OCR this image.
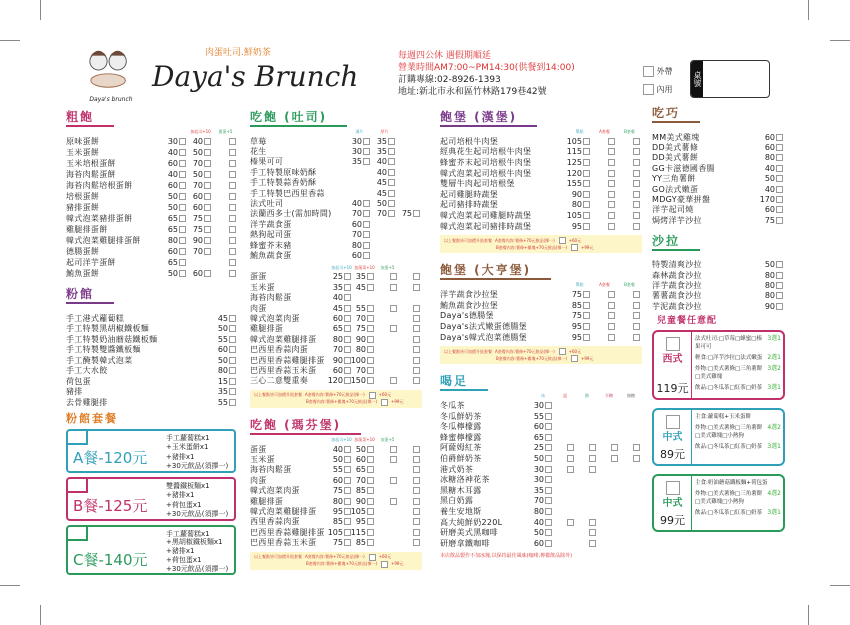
Daya's brunch
肉蛋吐司.鮮奶茶
Daya's Brunch
每週四公休 遇假期順延
營業時間AM7:00~PM14:30(供餐到14:00)
訂購專線:02-8926-1393
地址:新北市永和區竹林路179巷42號
外帶
內用
桌號
粗飽
加起司+10	蔥蛋+5
原味蛋餅	30 40
玉米蛋餅	40 50
玉米培根蛋餅	60 70
海苔肉鬆蛋餅	40 50
海苔肉鬆培根蛋餅	60 70
培根蛋餅	50 60
豬排蛋餅	50 60
韓式泡菜豬排蛋餅	65 75
雞腿排蛋餅	65 75
韓式泡菜雞腿排蛋餅	80 90
德腸蛋餅	60 70
起司洋芋蛋餅	65
鮪魚蛋餅	50 60
粉館
手工港式蘿蔔糕	45
手工特製黑胡椒鐵板麵	50
手工特製奶油蘑菇鐵板麵	55
手工特製雙醬鐵板麵	60
手工醃製韓式泡菜	50
手工大水餃	80
荷包蛋	15
豬排	35
去骨雞腿排	55
粉館套餐
A餐-120元
手工蘿蔔糕x1
+玉米蛋餅x1
+豬排x1
+30元飲品(須擇一)
B餐-125元
雙醬鐵板麵x1
+豬排x1
+荷包蛋x1
+30元飲品(須擇一)
C餐-140元
手工蘿蔔糕x1
+黑胡椒鐵板麵x1
+豬排x1
+荷包蛋x1
+30元飲品(須擇一)
吃飽 (吐司)
薄片	厚片
草莓	30 35
花生	30 35
榛果可可	35 40
手工特製原味奶酥	40
手工特製蒜香奶酥	45
手工特製巴西里香蒜	45
法式吐司	40 50
法蘭西多士(需加時間)	70 70 75
洋芋蔬食蛋	60
熱狗起司蛋	70
蜂蜜芥末豬	80
鮪魚蔬食蛋	60
加起司+10 加蔬菜+10	加蛋+5
蛋蛋	25 35
玉米蛋	35 45
海苔肉鬆蛋	40
肉蛋	45 55
韓式泡菜肉蛋	60 70
雞腿排蛋	65 75
韓式泡菜雞腿排蛋	80 90
巴西里香蒜肉蛋	70 80
巴西里香蒜雞腿排蛋	90 100
巴西里香蒜玉米蛋	60 70
三心二意雙重奏	120 150
以上餐點皆可加價升級套餐 A套餐內容:薯條+70元飲品(擇一)	+60元
B套餐內容:薯條+雞塊+70元飲品(擇一)	+99元
吃飽 (瑪芬堡)
加起司+10 加蔬菜+10	加蛋+5
蛋蛋	40 50
玉米蛋	50 60
海苔肉鬆蛋	55 65
肉蛋	60 70
韓式泡菜肉蛋	75 85
雞腿排蛋	80 90
韓式泡菜雞腿排蛋	95 105
西里香蒜肉蛋	85 95
巴西里香蒜雞腿排蛋 105 115
巴西里香蒜玉米蛋	75 85
以上餐點皆可加價升級套餐 A套餐內容:薯條+70元飲品(擇一)	+60元
B套餐內容:薯條+雞塊+70元飲品(擇一)	+99元
飽堡 (漢堡)
單點	A套餐	B套餐
起司培根牛肉堡	105
經典花生起司培根牛肉堡	115
蜂蜜芥末起司培根牛肉堡	125
韓式泡菜起司培根牛肉堡	120
雙層牛肉起司培根堡	155
起司雞腿時蔬堡	90
起司豬排時蔬堡	80
韓式泡菜起司雞腿時蔬堡	105
韓式泡菜起司豬排時蔬堡	95
以上餐點皆可加價升級套餐 A套餐內容:薯條+70元飲品(擇一)	+60元
B套餐內容:薯條+雞塊+70元飲品(擇一)	+99元
飽堡 (大亨堡)
單點	A套餐	B套餐
洋芋蔬食沙拉堡	75
鮪魚蔬食沙拉堡	85
Daya's德腸堡	75
Daya's法式嫩蛋德腸堡	95
Daya's韓式泡菜德腸堡	95
以上餐點皆可加價升級套餐 A套餐內容:薯條+70元飲品(擇一)	+60元
B套餐內容:薯條+雞塊+70元飲品(擇一)	+99元
喝足
冰	溫	熱	半糖	無糖
冬瓜茶	30
冬瓜鮮奶茶	55
冬瓜檸檬露	60
蜂蜜檸檬露	65
阿薩姆紅茶	25
伯爵鮮奶茶	50
港式奶茶	30
冰糖洛神花茶	30
黑糖木耳露	35
黑白奶露	70
養生安地斯	80
高大純鮮奶220L	40
研磨美式黑咖啡	50
研磨拿鐵咖啡	60
本店飲品製作不加冰塊,以保持最佳風味(咖啡,檸檬飲品除外)
吃巧
MM美式雞塊	60
DD美式薯條	60
DD美式薯餅	80
GG卡滋德國香腸	40
YY三角薯餅	50
GO法式嫩蛋	40
MDGY豪華拼盤	170
洋芋起司燒	60
焗烤洋芋沙拉	75
沙拉
特製清爽沙拉	50
森林蔬食沙拉	80
洋芋蔬食沙拉	80
薯薯蔬食沙拉	80
芋泥蔬食沙拉	90
兒童餐任意配
西式
119元
3選1
法式吐司:□草莓□蜂蜜□榛果可可
2選1
輕食:□洋芋沙拉□法式嫩蛋
3選2
炸物:□美式薯條□三角薯餅□美式雞塊
3選1
飲品:□冬瓜茶□紅茶□奶茶
中式
89元
主食:蘿蔔糕+玉米蛋餅
4選2
炸物:□美式薯條□三角薯餅□美式雞塊□小熱狗
3選1
飲品:□冬瓜茶□紅茶□奶茶
中式
99元
主食:奶油蘑菇鐵板麵+荷包蛋
4選2
炸物:□美式薯條□三角薯餅□美式雞塊□小熱狗
3選1
飲品:□冬瓜茶□紅茶□奶茶
